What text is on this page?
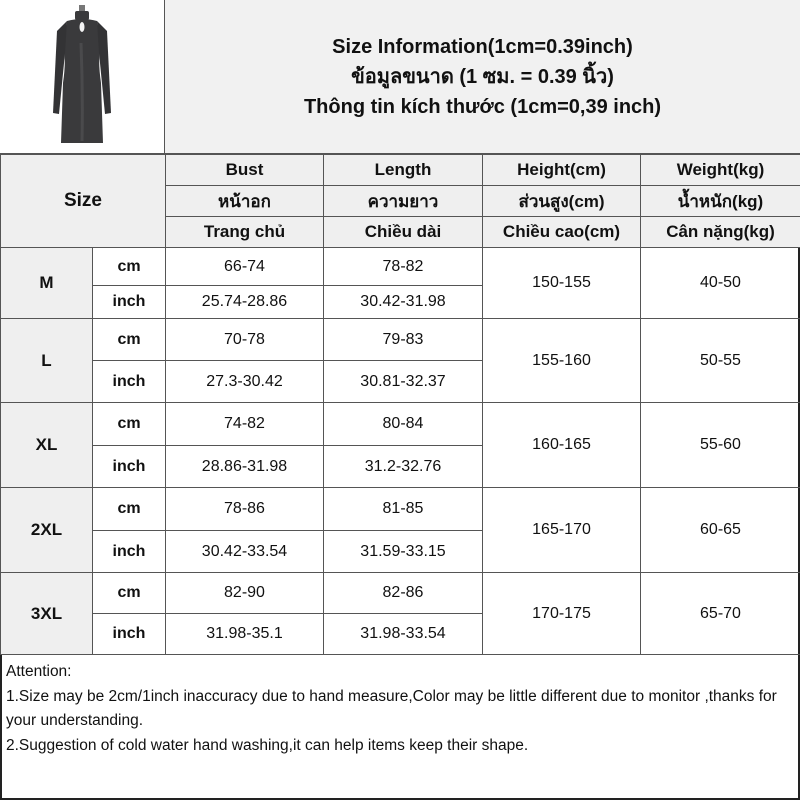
Size Information(1cm=0.39inch)
ข้อมูลขนาด (1 ซม. = 0.39 นิ้ว)
Thông tin kích thước (1cm=0,39 inch)
Size		Bust	Length	Height(cm)	Weight(kg)
		หน้าอก	ความยาว	ส่วนสูง(cm)	น้ำหนัก(kg)
		Trang chủ	Chiều dài	Chiều cao(cm)	Cân nặng(kg)
M	cm	66-74	78-82	150-155	40-50
	inch	25.74-28.86	30.42-31.98		
L	cm	70-78	79-83	155-160	50-55
	inch	27.3-30.42	30.81-32.37		
XL	cm	74-82	80-84	160-165	55-60
	inch	28.86-31.98	31.2-32.76		
2XL	cm	78-86	81-85	165-170	60-65
	inch	30.42-33.54	31.59-33.15		
3XL	cm	82-90	82-86	170-175	65-70
	inch	31.98-35.1	31.98-33.54		

Attention:

1.Size may be 2cm/1inch inaccuracy due to hand measure,Color may be little different due to monitor ,thanks for your understanding.

2.Suggestion of cold water hand washing,it can help items keep their shape.
